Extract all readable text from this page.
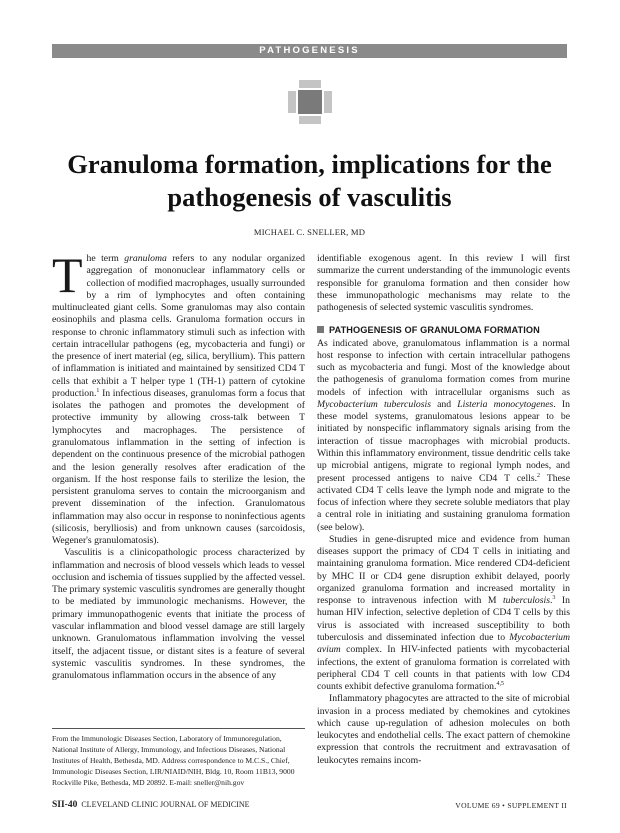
PATHOGENESIS
Granuloma formation, implications for the
pathogenesis of vasculitis
MICHAEL C. SNELLER, MD

The term granuloma refers to any nodular organized aggregation of mononuclear inflammatory cells or collection of modified macrophages, usually surrounded by a rim of lymphocytes and often containing multinucleated giant cells. Some granulomas may also contain eosinophils and plasma cells. Granuloma formation occurs in response to chronic inflammatory stimuli such as infection with certain intracellular pathogens (eg, mycobacteria and fungi) or the presence of inert material (eg, silica, beryllium). This pattern of inflammation is initiated and maintained by sensitized CD4 T cells that exhibit a T helper type 1 (TH-1) pattern of cytokine production.$^1$ In infectious diseases, granulomas form a focus that isolates the pathogen and promotes the development of protective immunity by allowing cross-talk between T lymphocytes and macrophages. The persistence of granulomatous inflammation in the setting of infection is dependent on the continuous presence of the microbial pathogen and the lesion generally resolves after eradication of the organism. If the host response fails to sterilize the lesion, the persistent granuloma serves to contain the microorganism and prevent dissemination of the infection. Granulomatous inflammation may also occur in response to noninfectious agents (silicosis, berylliosis) and from unknown causes (sarcoidosis, Wegener's granulomatosis).

Vasculitis is a clinicopathologic process characterized by inflammation and necrosis of blood vessels which leads to vessel occlusion and ischemia of tissues supplied by the affected vessel. The primary systemic vasculitis syndromes are generally thought to be mediated by immunologic mechanisms. However, the primary immunopathogenic events that initiate the process of vascular inflammation and blood vessel damage are still largely unknown. Granulomatous inflammation involving the vessel itself, the adjacent tissue, or distant sites is a feature of several systemic vasculitis syndromes. In these syndromes, the granulomatous inflammation occurs in the absence of any

identifiable exogenous agent. In this review I will first summarize the current understanding of the immunologic events responsible for granuloma formation and then consider how these immunopathologic mechanisms may relate to the pathogenesis of selected systemic vasculitis syndromes.

PATHOGENESIS OF GRANULOMA FORMATION

As indicated above, granulomatous inflammation is a normal host response to infection with certain intracellular pathogens such as mycobacteria and fungi. Most of the knowledge about the pathogenesis of granuloma formation comes from murine models of infection with intracellular organisms such as Mycobacterium tuberculosis and Listeria monocytogenes. In these model systems, granulomatous lesions appear to be initiated by nonspecific inflammatory signals arising from the interaction of tissue macrophages with microbial products. Within this inflammatory environment, tissue dendritic cells take up microbial antigens, migrate to regional lymph nodes, and present processed antigens to naive CD4 T cells.$^2$ These activated CD4 T cells leave the lymph node and migrate to the focus of infection where they secrete soluble mediators that play a central role in initiating and sustaining granuloma formation (see below).

Studies in gene-disrupted mice and evidence from human diseases support the primacy of CD4 T cells in initiating and maintaining granuloma formation. Mice rendered CD4-deficient by MHC II or CD4 gene disruption exhibit delayed, poorly organized granuloma formation and increased mortality in response to intravenous infection with M tuberculosis.$^3$ In human HIV infection, selective depletion of CD4 T cells by this virus is associated with increased susceptibility to both tuberculosis and disseminated infection due to Mycobacterium avium complex. In HIV-infected patients with mycobacterial infections, the extent of granuloma formation is correlated with peripheral CD4 T cell counts in that patients with low CD4 counts exhibit defective granuloma formation.$^{4,5}$

Inflammatory phagocytes are attracted to the site of microbial invasion in a process mediated by chemokines and cytokines which cause up-regulation of adhesion molecules on both leukocytes and endothelial cells. The exact pattern of chemokine expression that controls the recruitment and extravasation of leukocytes remains incom-

From the Immunologic Diseases Section, Laboratory of Immunoregulation, National Institute of Allergy, Immunology, and Infectious Diseases, National Institutes of Health, Bethesda, MD. Address correspondence to M.C.S., Chief, Immunologic Diseases Section, LIR/NIAID/NIH, Bldg. 10, Room 11B13, 9000 Rockville Pike, Bethesda, MD 20892. E-mail: sneller@nih.gov
SII-40 CLEVELAND CLINIC JOURNAL OF MEDICINE	VOLUME 69 • SUPPLEMENT II
